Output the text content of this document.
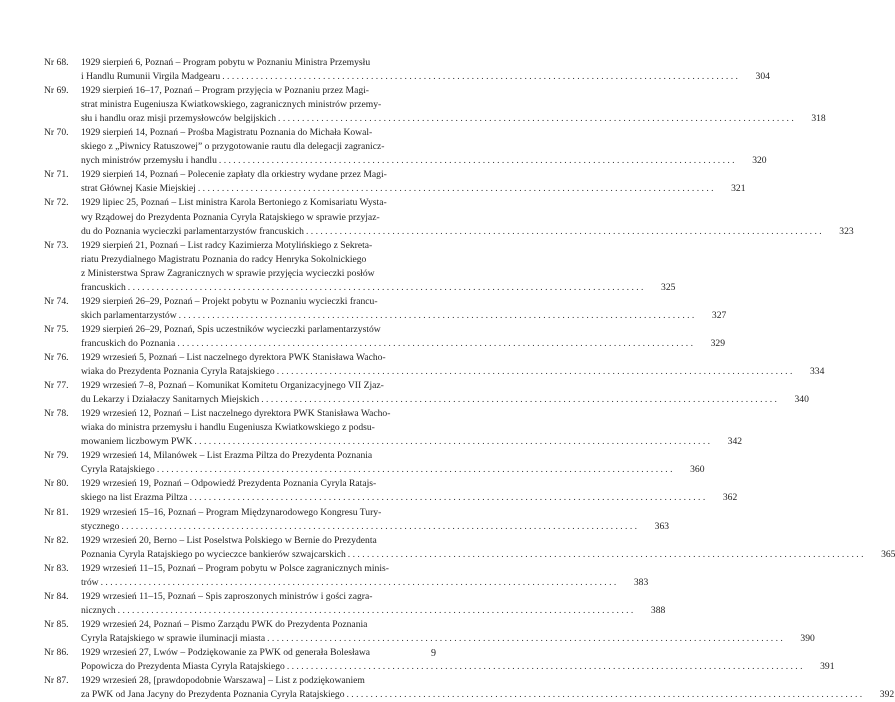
Nr 68.	1929 sierpień 6, Poznań – Program pobytu w Poznaniu Ministra Przemysłu
i Handlu Rumunii Virgila Madgearu . . .	304
Nr 69.	1929 sierpień 16–17, Poznań – Program przyjęcia w Poznaniu przez Magi-
strat ministra Eugeniusza Kwiatkowskiego, zagranicznych ministrów przemy-
słu i handlu oraz misji przemysłowców belgijskich . . .	318
Nr 70.	1929 sierpień 14, Poznań – Prośba Magistratu Poznania do Michała Kowal-
skiego z „Piwnicy Ratuszowej” o przygotowanie rautu dla delegacji zagranicz-
nych ministrów przemysłu i handlu . . .	320
Nr 71.	1929 sierpień 14, Poznań – Polecenie zapłaty dla orkiestry wydane przez Magi-
strat Głównej Kasie Miejskiej . . .	321
Nr 72.	1929 lipiec 25, Poznań – List ministra Karola Bertoniego z Komisariatu Wysta-
wy Rządowej do Prezydenta Poznania Cyryla Ratajskiego w sprawie przyjaz-
du do Poznania wycieczki parlamentarzystów francuskich . . .	323
Nr 73.	1929 sierpień 21, Poznań – List radcy Kazimierza Motylińskiego z Sekreta-
riatu Prezydialnego Magistratu Poznania do radcy Henryka Sokolnickiego
z Ministerstwa Spraw Zagranicznych w sprawie przyjęcia wycieczki posłów
francuskich . . .	325
Nr 74.	1929 sierpień 26–29, Poznań – Projekt pobytu w Poznaniu wycieczki francu-
skich parlamentarzystów . . .	327
Nr 75.	1929 sierpień 26–29, Poznań, Spis uczestników wycieczki parlamentarzystów
francuskich do Poznania . . .	329
Nr 76.	1929 wrzesień 5, Poznań – List naczelnego dyrektora PWK Stanisława Wacho-
wiaka do Prezydenta Poznania Cyryla Ratajskiego . . .	334
Nr 77.	1929 wrzesień 7–8, Poznań – Komunikat Komitetu Organizacyjnego VII Zjaz-
du Lekarzy i Działaczy Sanitarnych Miejskich . . .	340
Nr 78.	1929 wrzesień 12, Poznań – List naczelnego dyrektora PWK Stanisława Wacho-
wiaka do ministra przemysłu i handlu Eugeniusza Kwiatkowskiego z podsu-
mowaniem liczbowym PWK . . .	342
Nr 79.	1929 wrzesień 14, Milanówek – List Erazma Piltza do Prezydenta Poznania
Cyryla Ratajskiego . . .	360
Nr 80.	1929 wrzesień 19, Poznań – Odpowiedź Prezydenta Poznania Cyryla Ratajs-
skiego na list Erazma Piltza . . .	362
Nr 81.	1929 wrzesień 15–16, Poznań – Program Międzynarodowego Kongresu Tury-
stycznego . . .	363
Nr 82.	1929 wrzesień 20, Berno – List Poselstwa Polskiego w Bernie do Prezydenta
Poznania Cyryla Ratajskiego po wycieczce bankierów szwajcarskich . . .	365
Nr 83.	1929 wrzesień 11–15, Poznań – Program pobytu w Polsce zagranicznych minis-
trów . . .	383
Nr 84.	1929 wrzesień 11–15, Poznań – Spis zaproszonych ministrów i gości zagra-
nicznych . . .	388
Nr 85.	1929 wrzesień 24, Poznań – Pismo Zarządu PWK do Prezydenta Poznania
Cyryla Ratajskiego w sprawie iluminacji miasta . . .	390
Nr 86.	1929 wrzesień 27, Lwów – Podziękowanie za PWK od generała Bolesława
Popowicza do Prezydenta Miasta Cyryla Ratajskiego . . .	391
Nr 87.	1929 wrzesień 28, [prawdopodobnie Warszawa] – List z podziękowaniem
za PWK od Jana Jacyny do Prezydenta Poznania Cyryla Ratajskiego . . .	392
9
